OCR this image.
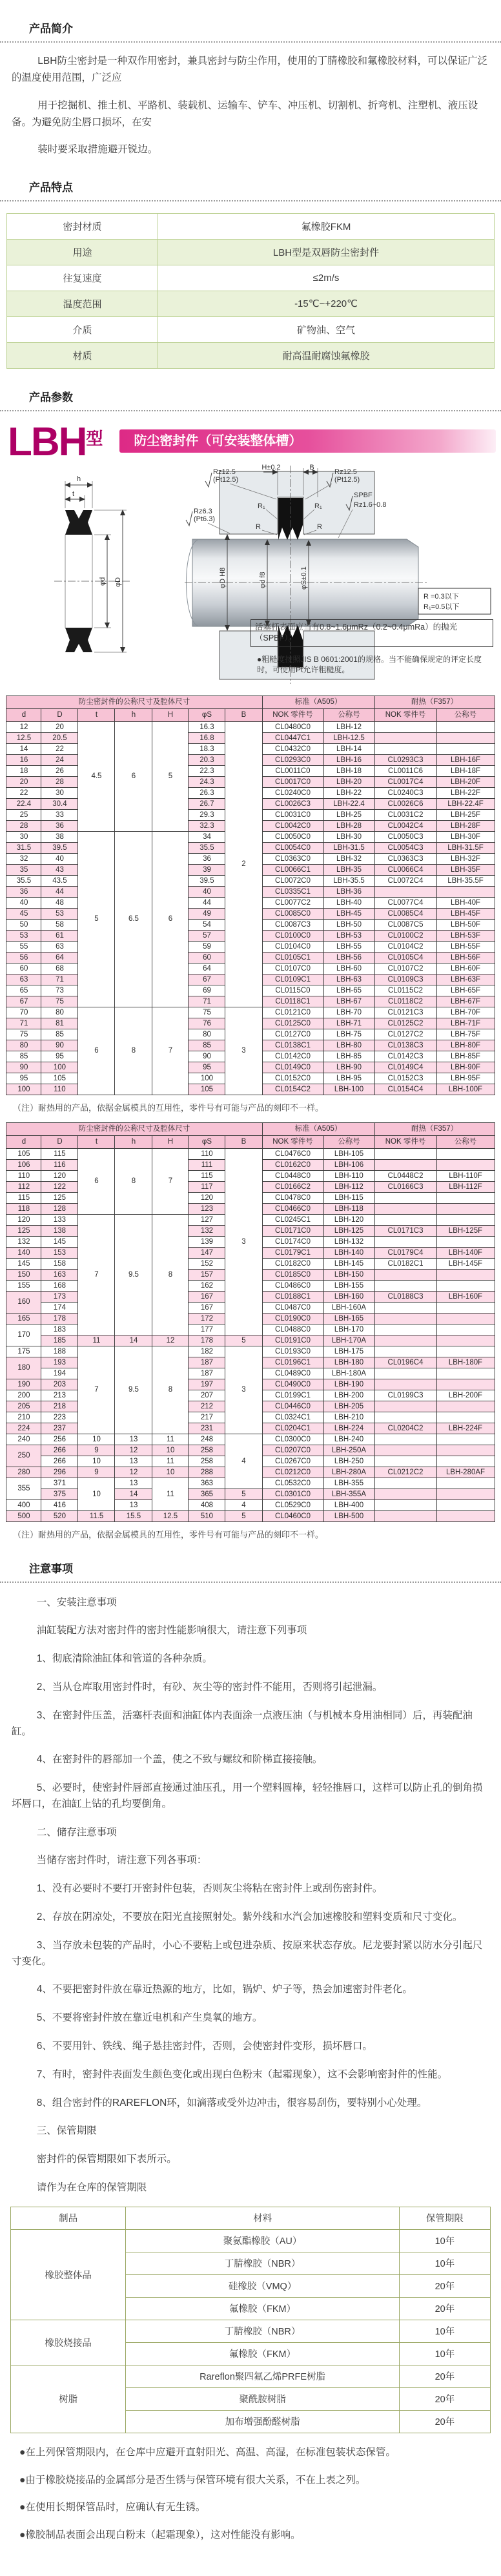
产品简介

LBH防尘密封是一种双作用密封，兼具密封与防尘作用，使用的丁腈橡胶和氟橡胶材料，可以保证广泛的温度使用范围，广泛应

用于挖掘机、推土机、平路机、装载机、运输车、铲车、冲压机、切割机、折弯机、注塑机、液压设备。为避免防尘唇口损坏，在安

装时要采取措施避开锐边。

产品特点
密封材质	氟橡胶FKM
用途	LBH型是双唇防尘密封件
往复速度	≤2m/s
温度范围	-15℃~+220℃
介质	矿物油、空气
材质	耐高温耐腐蚀氟橡胶
产品参数
LBH 型	防尘密封件（可安装整体槽）
h
t
φd φD
H±0.2	B
Rz12.5
(Pt12.5)
Rz12.5
(Pt12.5)
R₁	R₁
R	R
SPBF
Rz1.6~0.8
Rz6.3
(Pt6.3)
φD H8	φd f8	φS±0.1
R =0.3以下
R₁=0.5以下
活塞杆表面应当有0.8~1.6μmRz（0.2~0.4μmRa）的抛光（SPBF）。
●粗糙度按照JIS B 0601:2001的规格。当不能确保规定的评定长度时，可使用Pt允许粗糙度。
防尘密封件的公称尺寸及腔体尺寸							标准（A505）		耐热（F357）	
d	D	t	h	H	φS	B	NOK 零件号	公称号	NOK 零件号	公称号
12	20	4.5	6	5	16.3	2	CL0480C0	LBH-12		
12.5	20.5				16.8		CL0447C1	LBH-12.5		
14	22				18.3		CL0432C0	LBH-14		
16	24				20.3		CL0293C0	LBH-16	CL0293C3	LBH-16F
18	26				22.3		CL0011C0	LBH-18	CL0011C6	LBH-18F
20	28				24.3		CL0017C0	LBH-20	CL0017C4	LBH-20F
22	30				26.3		CL0240C0	LBH-22	CL0240C3	LBH-22F
22.4	30.4				26.7		CL0026C3	LBH-22.4	CL0026C6	LBH-22.4F
25	33				29.3		CL0031C0	LBH-25	CL0031C2	LBH-25F
28	36				32.3		CL0042C0	LBH-28	CL0042C4	LBH-28F
30	38	5	6.5	6	34		CL0050C0	LBH-30	CL0050C3	LBH-30F
31.5	39.5				35.5		CL0054C0	LBH-31.5	CL0054C3	LBH-31.5F
32	40				36		CL0363C0	LBH-32	CL0363C3	LBH-32F
35	43				39		CL0066C1	LBH-35	CL0066C4	LBH-35F
35.5	43.5				39.5		CL0072C0	LBH-35.5	CL0072C4	LBH-35.5F
36	44				40		CL0335C1	LBH-36		
40	48				44		CL0077C2	LBH-40	CL0077C4	LBH-40F
45	53				49		CL0085C0	LBH-45	CL0085C4	LBH-45F
50	58				54		CL0087C3	LBH-50	CL0087C5	LBH-50F
53	61				57		CL0100C0	LBH-53	CL0100C2	LBH-53F
55	63				59		CL0104C0	LBH-55	CL0104C2	LBH-55F
56	64				60		CL0105C1	LBH-56	CL0105C4	LBH-56F
60	68				64		CL0107C0	LBH-60	CL0107C2	LBH-60F
63	71				67		CL0109C1	LBH-63	CL0109C3	LBH-63F
65	73				69		CL0115C0	LBH-65	CL0115C2	LBH-65F
67	75				71		CL0118C1	LBH-67	CL0118C2	LBH-67F
70	80	6	8	7	75	3	CL0121C0	LBH-70	CL0121C3	LBH-70F
71	81				76		CL0125C0	LBH-71	CL0125C2	LBH-71F
75	85				80		CL0127C0	LBH-75	CL0127C2	LBH-75F
80	90				85		CL0138C1	LBH-80	CL0138C3	LBH-80F
85	95				90		CL0142C0	LBH-85	CL0142C3	LBH-85F
90	100				95		CL0149C0	LBH-90	CL0149C4	LBH-90F
95	105				100		CL0152C0	LBH-95	CL0152C3	LBH-95F
100	110				105		CL0154C2	LBH-100	CL0154C4	LBH-100F

（注）耐热用的产品，依据金属模具的互用性，零件号有可能与产品的刻印不一样。

防尘密封件的公称尺寸及腔体尺寸							标准（A505）		耐热（F357）	
d	D	t	h	H	φS	B	NOK 零件号	公称号	NOK 零件号	公称号
105	115	6	8	7	110	3	CL0476C0	LBH-105		
106	116				111		CL0162C0	LBH-106		
110	120				115		CL0448C0	LBH-110	CL0448C2	LBH-110F
112	122				117		CL0166C2	LBH-112	CL0166C3	LBH-112F
115	125				120		CL0478C0	LBH-115		
118	128				123		CL0466C0	LBH-118		
120	133	7	9.5	8	127		CL0245C1	LBH-120		
125	138				132		CL0171C0	LBH-125	CL0171C3	LBH-125F
132	145				139		CL0174C0	LBH-132		
140	153				147		CL0179C1	LBH-140	CL0179C4	LBH-140F
145	158				152		CL0182C0	LBH-145	CL0182C1	LBH-145F
150	163				157		CL0185C0	LBH-150		
155	168				162		CL0486C0	LBH-155		
160	173				167		CL0188C1	LBH-160	CL0188C3	LBH-160F
	174				167		CL0487C0	LBH-160A		
165	178				172		CL0190C0	LBH-165		
170	183				177		CL0488C0	LBH-170		
	185	11	14	12	178	5	CL0191C0	LBH-170A		
175	188	7	9.5	8	182	3	CL0193C0	LBH-175		
180	193				187		CL0196C1	LBH-180	CL0196C4	LBH-180F
	194				187		CL0489C0	LBH-180A		
190	203				197		CL0490C0	LBH-190		
200	213				207		CL0199C1	LBH-200	CL0199C3	LBH-200F
205	218				212		CL0446C0	LBH-205		
210	223				217		CL0324C1	LBH-210		
224	237				231		CL0204C1	LBH-224	CL0204C2	LBH-224F
240	256	10	13	11	248	4	CL0300C0	LBH-240		
250	266	9	12	10	258		CL0207C0	LBH-250A		
	266	10	13	11	258		CL0267C0	LBH-250		
280	296	9	12	10	288		CL0212C0	LBH-280A	CL0212C2	LBH-280AF
355	371	10	13	11	363		CL0532C0	LBH-355		
	375		14		365	5	CL0301C0	LBH-355A		
400	416		13		408	4	CL0529C0	LBH-400		
500	520	11.5	15.5	12.5	510	5	CL0460C0	LBH-500		

（注）耐热用的产品，依据金属模具的互用性，零件号有可能与产品的刻印不一样。

注意事项

一、安装注意事项

油缸装配方法对密封件的密封性能影响很大，请注意下列事项

1、彻底清除油缸体和管道的各种杂质。

2、当从仓库取用密封件时，有砂、灰尘等的密封件不能用，否则将引起泄漏。

3、在密封件压盖，活塞杆表面和油缸体内表面涂一点液压油（与机械本身用油相同）后，再装配油缸。

4、在密封件的唇部加一个盖，使之不致与螺纹和阶梯直接接触。

5、必要时，使密封件唇部直接通过油压孔，用一个塑料圆棒，轻轻推唇口，这样可以防止孔的倒角损坏唇口，在油缸上钻的孔均要倒角。

二、储存注意事项

当储存密封件时，请注意下列各事项：

1、没有必要时不要打开密封件包装，否则灰尘将粘在密封件上或刮伤密封件。

2、存放在阴凉处，不要放在阳光直接照射处。紫外线和水汽会加速橡胶和塑料变质和尺寸变化。

3、当存放未包装的产品时，小心不要粘上或包进杂质、按原来状态存放。尼龙要封紧以防水分引起尺寸变化。

4、不要把密封件放在靠近热源的地方，比如，锅炉、炉子等，热会加速密封件老化。

5、不要将密封件放在靠近电机和产生臭氧的地方。

6、不要用针、铁线、绳子悬挂密封件，否则，会使密封件变形，损坏唇口。

7、有时，密封件表面发生颜色变化或出现白色粉末（起霜现象），这不会影响密封件的性能。

8、组合密封件的RAREFLON环，如滴落或受外边冲击，很容易刮伤，要特别小心处理。

三、保管期限

密封件的保管期限如下表所示。

请作为在仓库的保管期限

制品	材料	保管期限
橡胶整体品	聚氨酯橡胶（AU）	10年
	丁腈橡胶（NBR）	10年
	硅橡胶（VMQ）	20年
	氟橡胶（FKM）	20年
橡胶烧接品	丁腈橡胶（NBR）	10年
	氟橡胶（FKM）	10年
树脂	Rareflon聚四氟乙烯PRFE树脂	20年
	聚酰胺树脂	20年
	加布增强酚醛树脂	20年

●在上列保管期限内，在仓库中应避开直射阳光、高温、高湿，在标准包装状态保管。

●由于橡胶烧接品的金属部分是否生锈与保管环境有很大关系，不在上表之列。

●在使用长期保管品时，应确认有无生锈。

●橡胶制品表面会出现白粉末（起霜现象），这对性能没有影响。
